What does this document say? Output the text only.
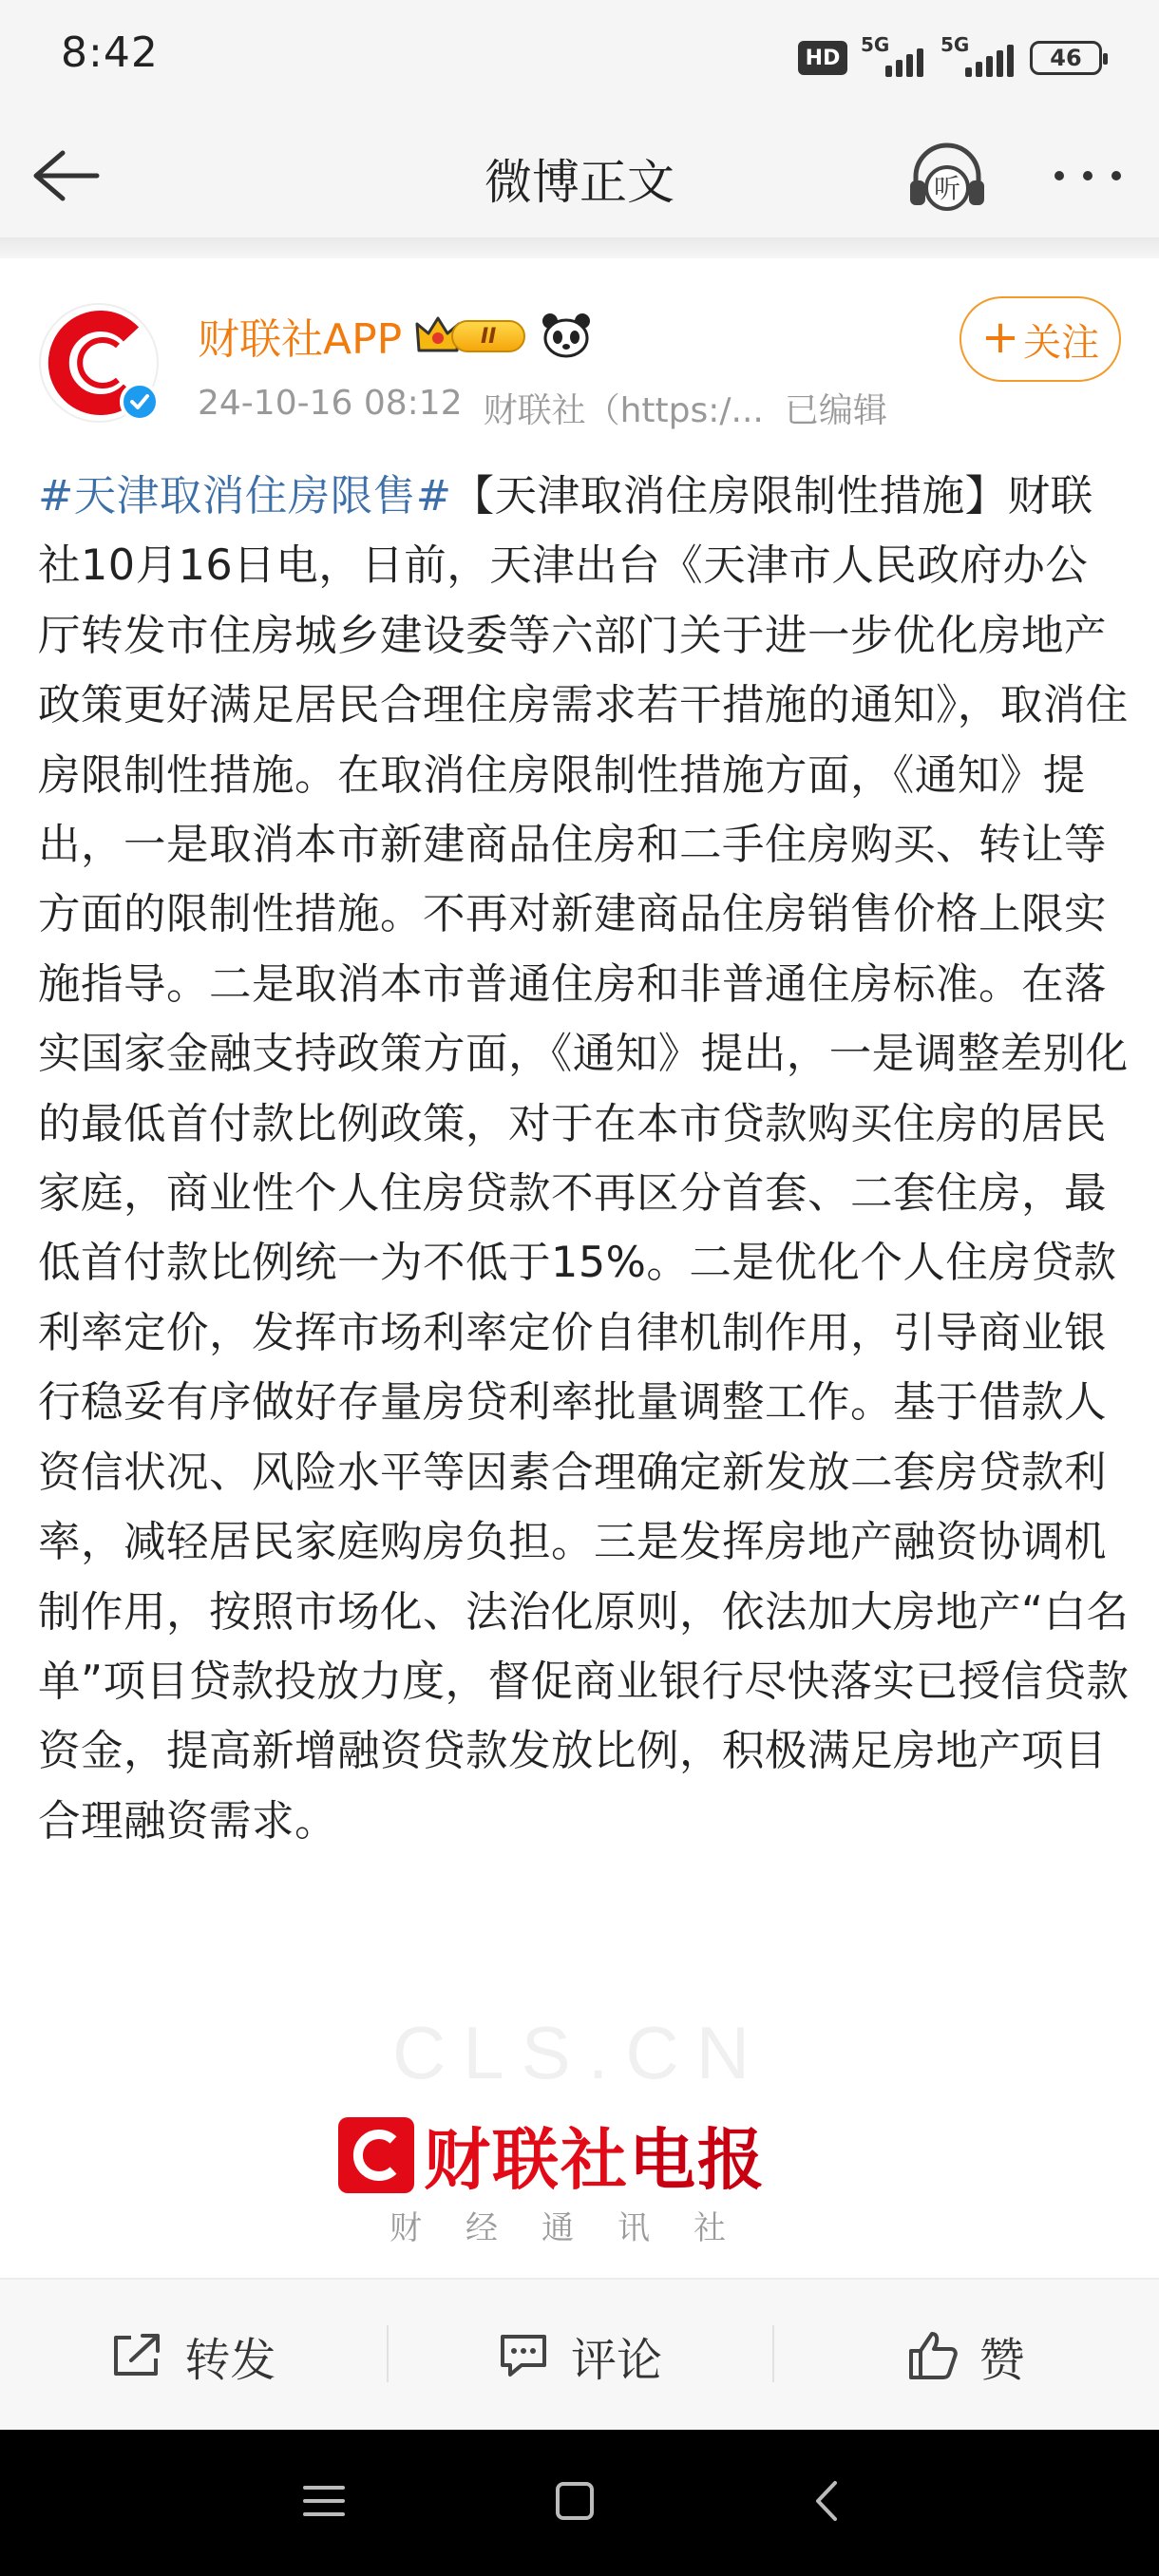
8:42	HD
5G	5G	46
微博正文	听
财联社APP	II
24-10-16 08:12 财联社（https:/... 已编辑
+ 关注
#天津取消住房限售#【天津取消住房限制性措施】财联社10月16日电，日前，天津出台《天津市人民政府办公厅转发市住房城乡建设委等六部门关于进一步优化房地产政策更好满足居民合理住房需求若干措施的通知》，取消住房限制性措施。在取消住房限制性措施方面，《通知》提出，一是取消本市新建商品住房和二手住房购买、转让等方面的限制性措施。不再对新建商品住房销售价格上限实施指导。二是取消本市普通住房和非普通住房标准。在落实国家金融支持政策方面，《通知》提出，一是调整差别化的最低首付款比例政策，对于在本市贷款购买住房的居民家庭，商业性个人住房贷款不再区分首套、二套住房，最低首付款比例统一为不低于15%。二是优化个人住房贷款利率定价，发挥市场利率定价自律机制作用，引导商业银行稳妥有序做好存量房贷利率批量调整工作。基于借款人资信状况、风险水平等因素合理确定新发放二套房贷款利率，减轻居民家庭购房负担。三是发挥房地产融资协调机制作用，按照市场化、法治化原则，依法加大房地产“白名单”项目贷款投放力度，督促商业银行尽快落实已授信贷款资金，提高新增融资贷款发放比例，积极满足房地产项目合理融资需求。
CLS.CN
财联社 电报
财经通讯社
转发	评论	赞
